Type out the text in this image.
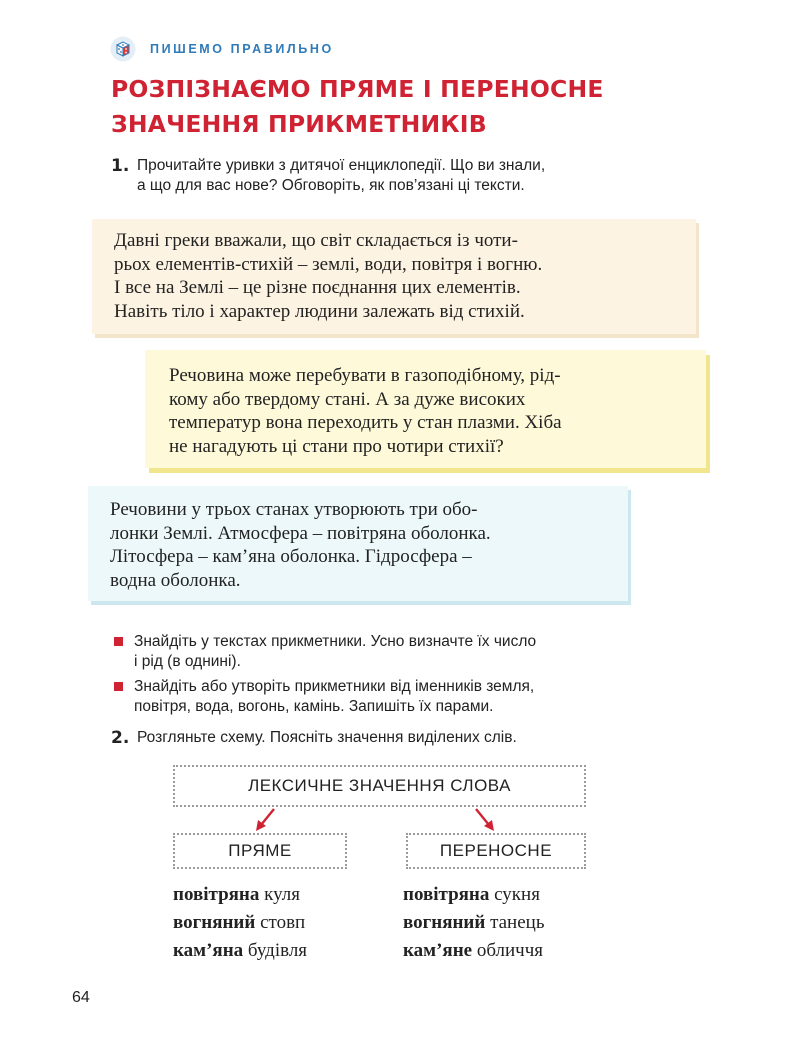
ПИШЕМО ПРАВИЛЬНО
РОЗПІЗНАЄМО ПРЯМЕ І ПЕРЕНОСНЕ
ЗНАЧЕННЯ ПРИКМЕТНИКІВ
1. Прочитайте уривки з дитячої енциклопедії. Що ви знали,
а що для вас нове? Обговоріть, як пов’язані ці тексти.
Давні греки вважали, що світ складається із чоти-
рьох елементів-стихій – землі, води, повітря і вогню.
І все на Землі – це різне поєднання цих елементів.
Навіть тіло і характер людини залежать від стихій.
Речовина може перебувати в газоподібному, рід-
кому або твердому стані. А за дуже високих
температур вона переходить у стан плазми. Хіба
не нагадують ці стани про чотири стихії?
Речовини у трьох станах утворюють три обо-
лонки Землі. Атмосфера – повітряна оболонка.
Літосфера – кам’яна оболонка. Гідросфера –
водна оболонка.
Знайдіть у текстах прикметники. Усно визначте їх число
і рід (в однині).
Знайдіть або утворіть прикметники від іменників земля,
повітря, вода, вогонь, камінь. Запишіть їх парами.
2. Розгляньте схему. Поясніть значення виділених слів.
ЛЕКСИЧНЕ ЗНАЧЕННЯ СЛОВА
ПРЯМЕ	ПЕРЕНОСНЕ
повітряна куля
вогняний стовп
кам’яна будівля
повітряна сукня
вогняний танець
кам’яне обличчя
64
